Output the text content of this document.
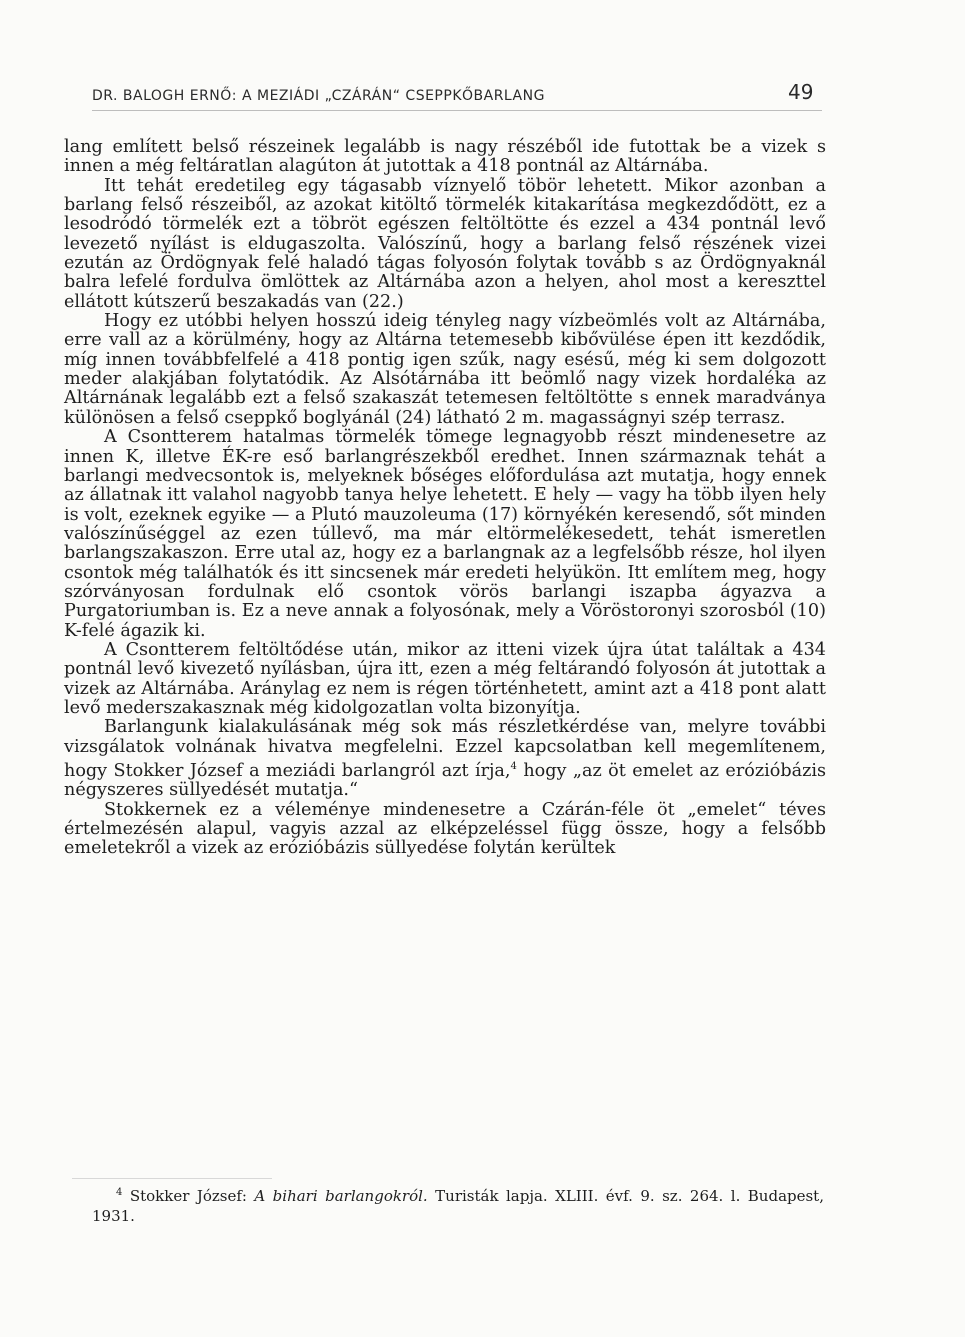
DR. BALOGH ERNŐ: A MEZIÁDI „CZÁRÁN“ CSEPPKŐBARLANG	49

lang említett belső részeinek legalább is nagy részéből ide futottak be a vizek s innen a még feltáratlan alagúton át jutottak a 418 pontnál az Altárnába.

Itt tehát eredetileg egy tágasabb víznyelő töbör lehetett. Mikor azonban a barlang felső részeiből, az azokat kitöltő törmelék kitakarítása megkezdődött, ez a lesodródó törmelék ezt a töbröt egészen feltöltötte és ezzel a 434 pontnál levő levezető nyílást is eldugaszolta. Valószínű, hogy a barlang felső részének vizei ezután az Ördögnyak felé haladó tágas folyosón folytak tovább s az Ördögnyaknál balra lefelé fordulva ömlöttek az Altárnába azon a helyen, ahol most a kereszttel ellátott kútszerű beszakadás van (22.)

Hogy ez utóbbi helyen hosszú ideig tényleg nagy vízbeömlés volt az Altárnába, erre vall az a körülmény, hogy az Altárna tetemesebb kibővülése épen itt kezdődik, míg innen továbbfelfelé a 418 pontig igen szűk, nagy esésű, még ki sem dolgozott meder alakjában folytatódik. Az Alsótárnába itt beömlő nagy vizek hordaléka az Altárnának legalább ezt a felső szakaszát tetemesen feltöltötte s ennek maradványa különösen a felső cseppkő boglyánál (24) látható 2 m. magasságnyi szép terrasz.

A Csontterem hatalmas törmelék tömege legnagyobb részt mindenesetre az innen K, illetve ÉK-re eső barlangrészekből eredhet. Innen származnak tehát a barlangi medvecsontok is, melyeknek bőséges előfordulása azt mutatja, hogy ennek az állatnak itt valahol nagyobb tanya helye lehetett. E hely — vagy ha több ilyen hely is volt, ezeknek egyike — a Plutó mauzoleuma (17) környékén keresendő, sőt minden valószínűséggel az ezen túllevő, ma már eltörmelékesedett, tehát ismeretlen barlangszakaszon. Erre utal az, hogy ez a barlangnak az a legfelsőbb része, hol ilyen csontok még találhatók és itt sincsenek már eredeti helyükön. Itt említem meg, hogy szórványosan fordulnak elő csontok vörös barlangi iszapba ágyazva a Purgatoriumban is. Ez a neve annak a folyosónak, mely a Vöröstoronyi szorosból (10) K-felé ágazik ki.

A Csontterem feltöltődése után, mikor az itteni vizek újra útat találtak a 434 pontnál levő kivezető nyílásban, újra itt, ezen a még feltárandó folyosón át jutottak a vizek az Altárnába. Aránylag ez nem is régen történhetett, amint azt a 418 pont alatt levő mederszakasznak még kidolgozatlan volta bizonyítja.

Barlangunk kialakulásának még sok más részletkérdése van, melyre további vizsgálatok volnának hivatva megfelelni. Ezzel kapcsolatban kell megemlítenem, hogy Stokker József a meziádi barlangról azt írja,$^4$ hogy „az öt emelet az erózióbázis négyszeres süllyedését mutatja.“

Stokkernek ez a véleménye mindenesetre a Czárán-féle öt „emelet“ téves értelmezésén alapul, vagyis azzal az elképzeléssel függ össze, hogy a felsőbb emeletekről a vizek az erózióbázis süllyedése folytán kerültek

$^4$ Stokker József: A bihari barlangokról. Turisták lapja. XLIII. évf. 9. sz. 264. l. Budapest, 1931.
